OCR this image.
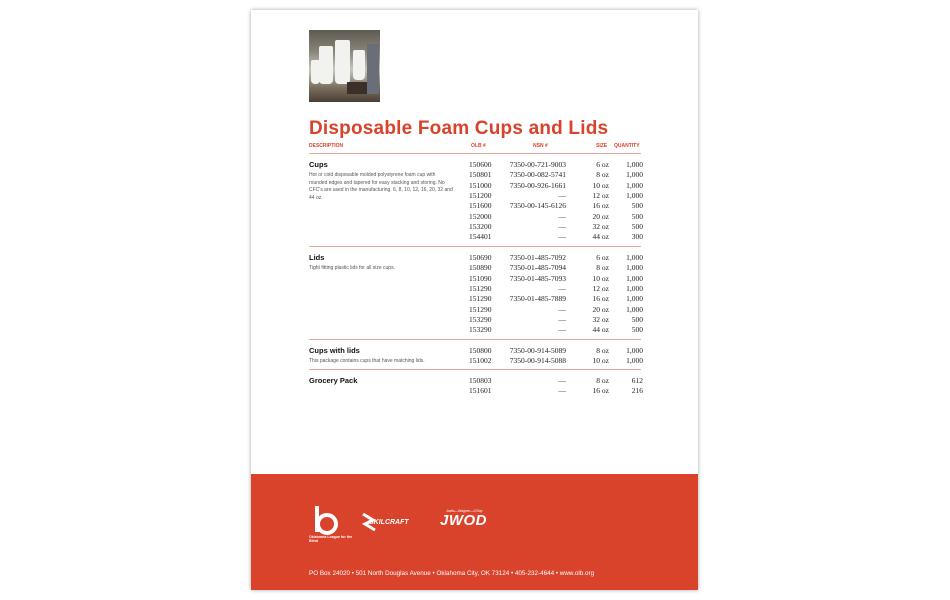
Disposable Foam Cups and Lids
DESCRIPTION	OLB #	NSN #	SIZE QUANTITY
Cups
Hot or cold disposable molded polystyrene foam cup with rounded edges and tapered for easy stacking and storing. No CFC's are used in the manufacturing. 6, 8, 10, 12, 16, 20, 32 and 44 oz.
150600 7350-00-721-9003	6 oz 1,000
150801 7350-00-082-5741	8 oz 1,000
151000 7350-00-926-1661	10 oz 1,000
151200	—	12 oz 1,000
151600 7350-00-145-6126	16 oz	500
152000	—	20 oz	500
153200	—	32 oz	500
154401	—	44 oz	300
Lids
Tight fitting plastic lids for all size cups.
150690 7350-01-485-7092	6 oz 1,000
150890 7350-01-485-7094	8 oz 1,000
151090 7350-01-485-7093	10 oz 1,000
151290	—	12 oz 1,000
151290 7350-01-485-7889	16 oz 1,000
151290	—	20 oz 1,000
153290	—	32 oz	500
153290	—	44 oz	500
Cups with lids
This package contains cups that have matching lids.
150800 7350-00-914-5089	8 oz 1,000
151002 7350-00-914-5088	10 oz 1,000
Grocery Pack	150803	—	8 oz	612
151601	—	16 oz	216
Oklahoma League for the Blind
SKILCRAFT
Javits—Wagner—O'Day
JWOD
PO Box 24020 • 501 North Douglas Avenue • Oklahoma City, OK 73124 • 405-232-4644 • www.olb.org
